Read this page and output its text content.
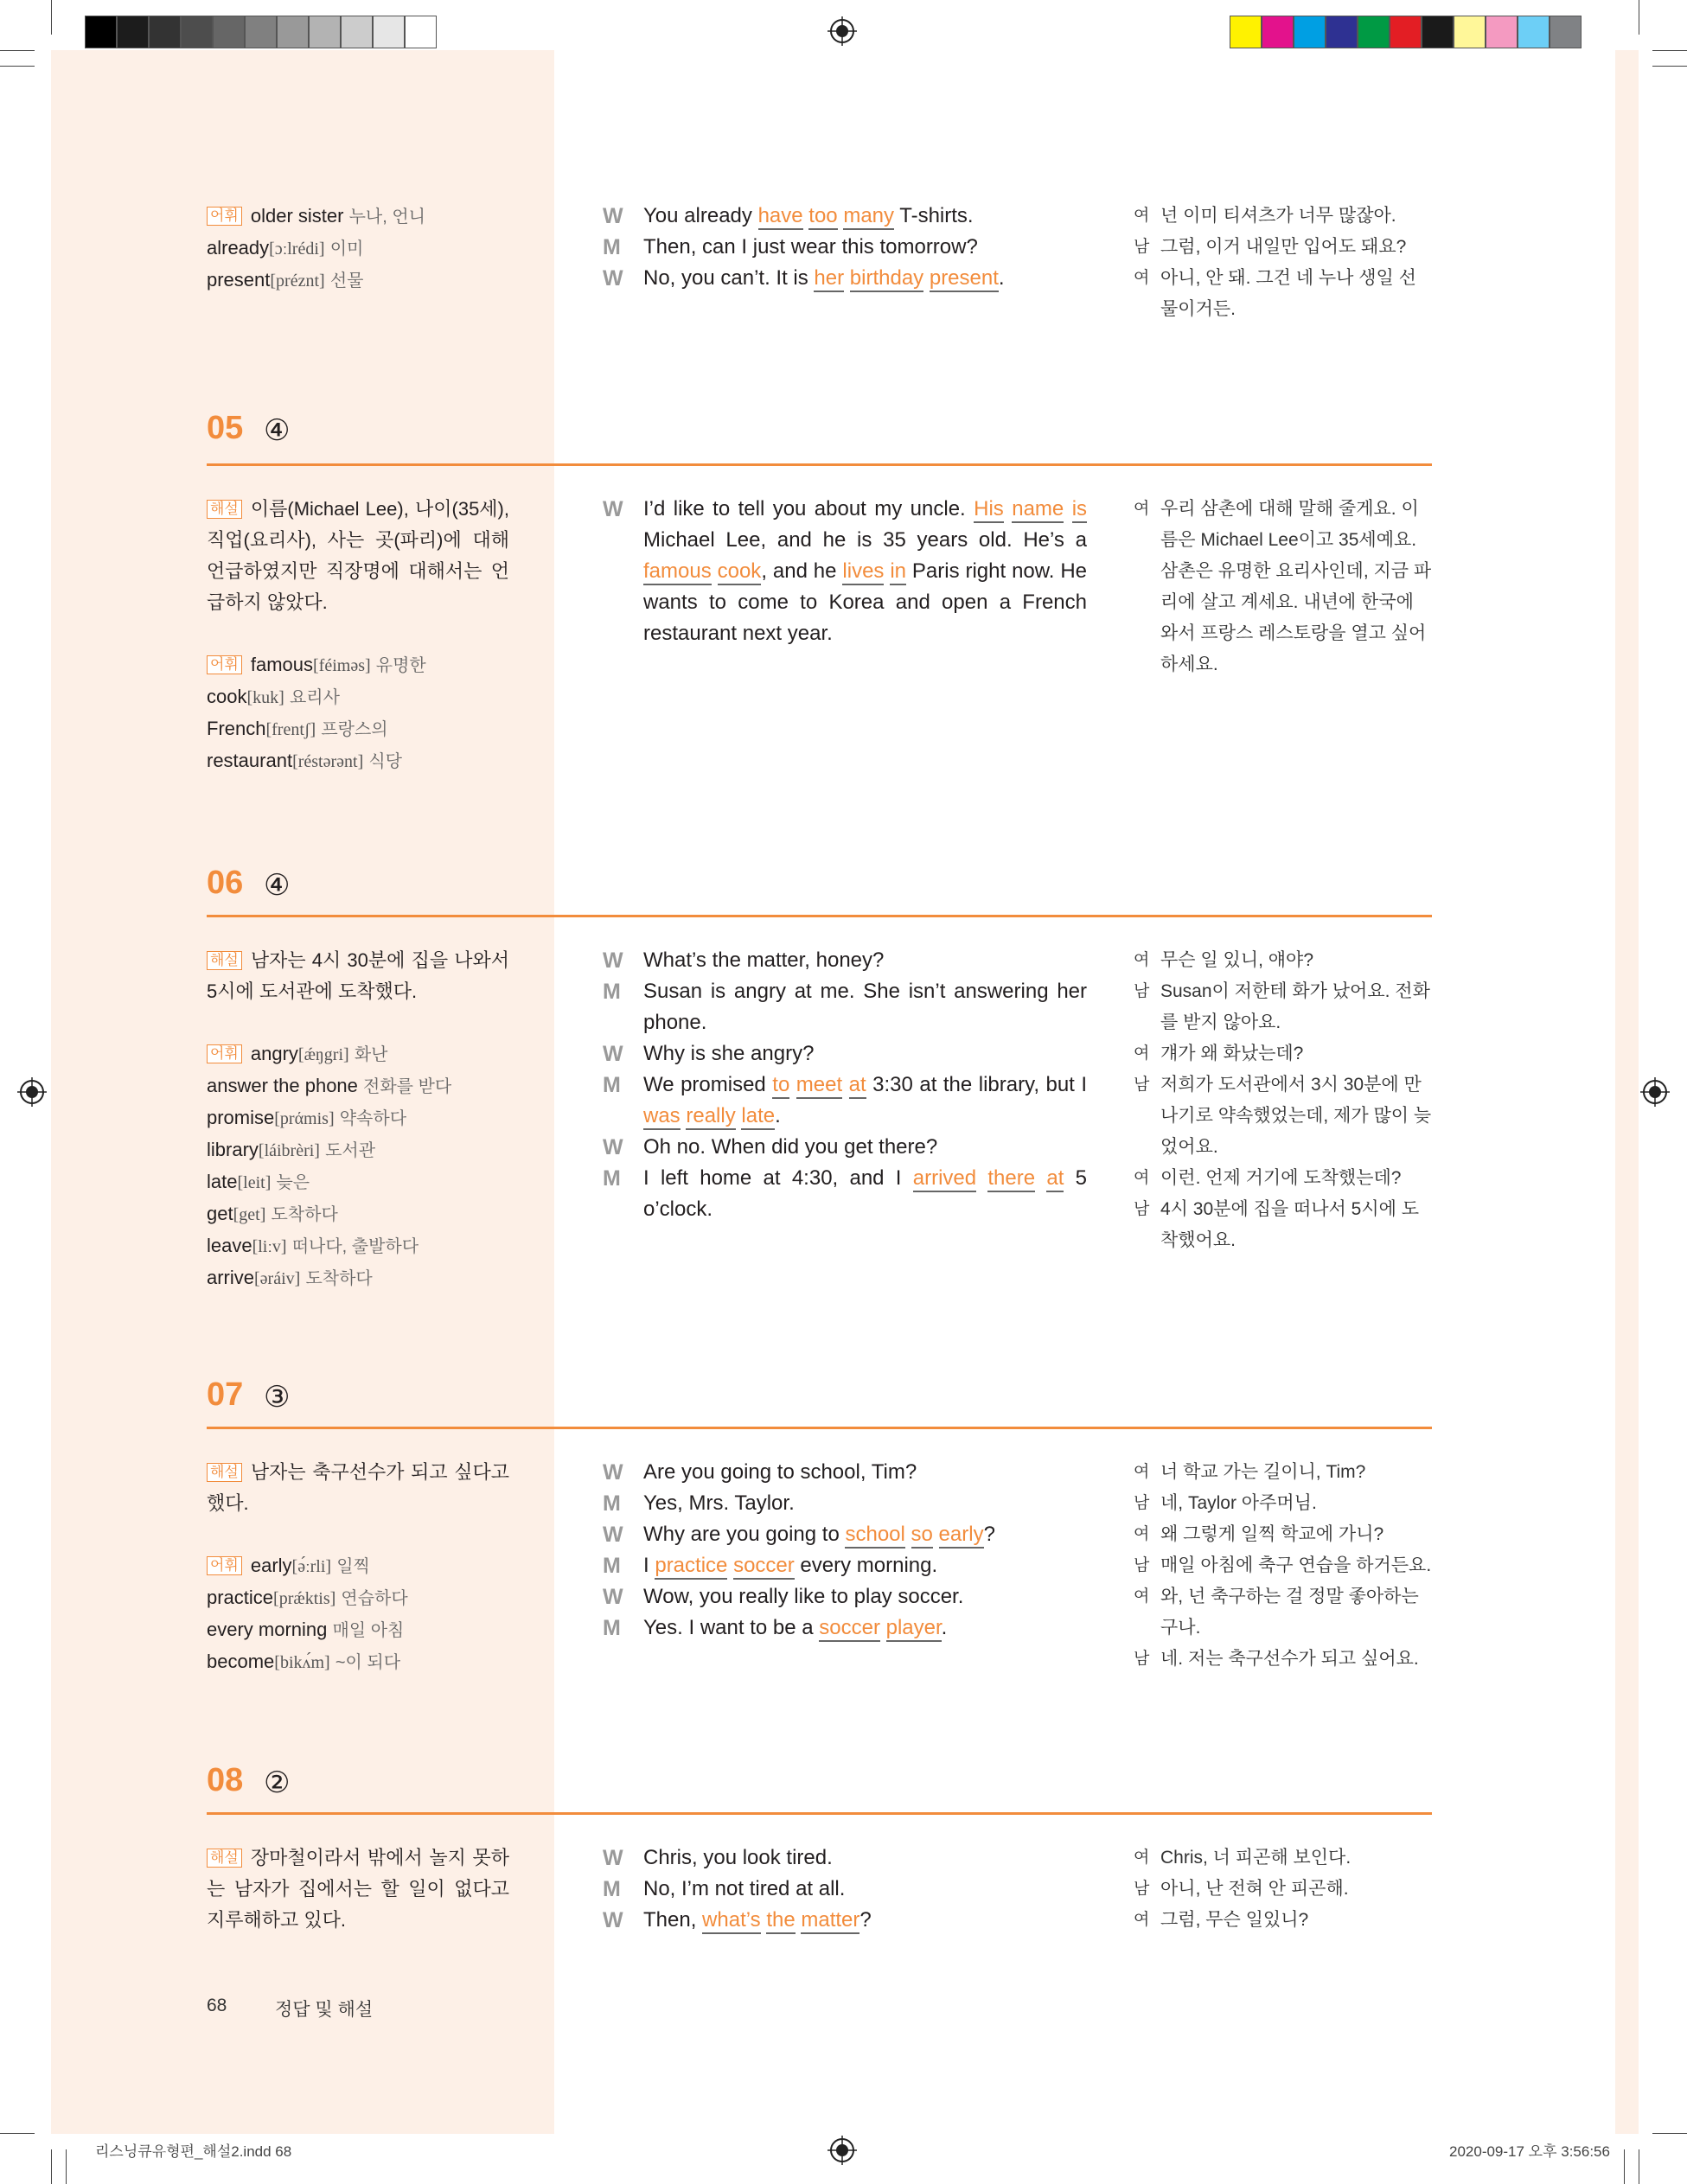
어휘 older sister 누나, 언니
already[ɔːlrédi] 이미
present[préznt] 선물
W You already have too many T-shirts.
M Then, can I just wear this tomorrow?
W No, you can’t. It is her birthday present.
여 넌 이미 티셔츠가 너무 많잖아.
남 그럼, 이거 내일만 입어도 돼요?
여 아니, 안 돼. 그건 네 누나 생일 선물이거든.
05 ④
해설 이름(Michael Lee), 나이(35세), 직업(요리사), 사는 곳(파리)에 대해 언급하였지만 직장명에 대해서는 언급하지 않았다.
어휘 famous[féiməs] 유명한
cook[kuk] 요리사
French[frentʃ] 프랑스의
restaurant[réstərənt] 식당
W I’d like to tell you about my uncle. His name is Michael Lee, and he is 35 years old. He’s a famous cook, and he lives in Paris right now. He wants to come to Korea and open a French restaurant next year.
여 우리 삼촌에 대해 말해 줄게요. 이름은 Michael Lee이고 35세예요. 삼촌은 유명한 요리사인데, 지금 파리에 살고 계세요. 내년에 한국에 와서 프랑스 레스토랑을 열고 싶어 하세요.
06 ④
해설 남자는 4시 30분에 집을 나와서 5시에 도서관에 도착했다.
어휘 angry[ǽŋgri] 화난
answer the phone 전화를 받다
promise[prάmis] 약속하다
library[láibrèri] 도서관
late[leit] 늦은
get[get] 도착하다
leave[liːv] 떠나다, 출발하다
arrive[əráiv] 도착하다
W What’s the matter, honey?
M Susan is angry at me. She isn’t answering her phone.
W Why is she angry?
M We promised to meet at 3:30 at the library, but I was really late.
W Oh no. When did you get there?
M I left home at 4:30, and I arrived there at 5 o’clock.
여 무슨 일 있니, 얘야?
남 Susan이 저한테 화가 났어요. 전화를 받지 않아요.
여 걔가 왜 화났는데?
남 저희가 도서관에서 3시 30분에 만나기로 약속했었는데, 제가 많이 늦었어요.
여 이런. 언제 거기에 도착했는데?
남 4시 30분에 집을 떠나서 5시에 도착했어요.
07 ③
해설 남자는 축구선수가 되고 싶다고 했다.
어휘 early[ə́ːrli] 일찍
practice[prǽktis] 연습하다
every morning 매일 아침
become[bikʌ́m] ~이 되다
W Are you going to school, Tim?
M Yes, Mrs. Taylor.
W Why are you going to school so early?
M I practice soccer every morning.
W Wow, you really like to play soccer.
M Yes. I want to be a soccer player.
여 너 학교 가는 길이니, Tim?
남 네, Taylor 아주머님.
여 왜 그렇게 일찍 학교에 가니?
남 매일 아침에 축구 연습을 하거든요.
여 와, 넌 축구하는 걸 정말 좋아하는구나.
남 네. 저는 축구선수가 되고 싶어요.
08 ②
해설 장마철이라서 밖에서 놀지 못하는 남자가 집에서는 할 일이 없다고 지루해하고 있다.
W Chris, you look tired.
M No, I’m not tired at all.
W Then, what’s the matter?
여 Chris, 너 피곤해 보인다.
남 아니, 난 전혀 안 피곤해.
여 그럼, 무슨 일있니?
68	정답 및 해설
리스닝큐유형편_해설2.indd 68	2020-09-17 오후 3:56:56
